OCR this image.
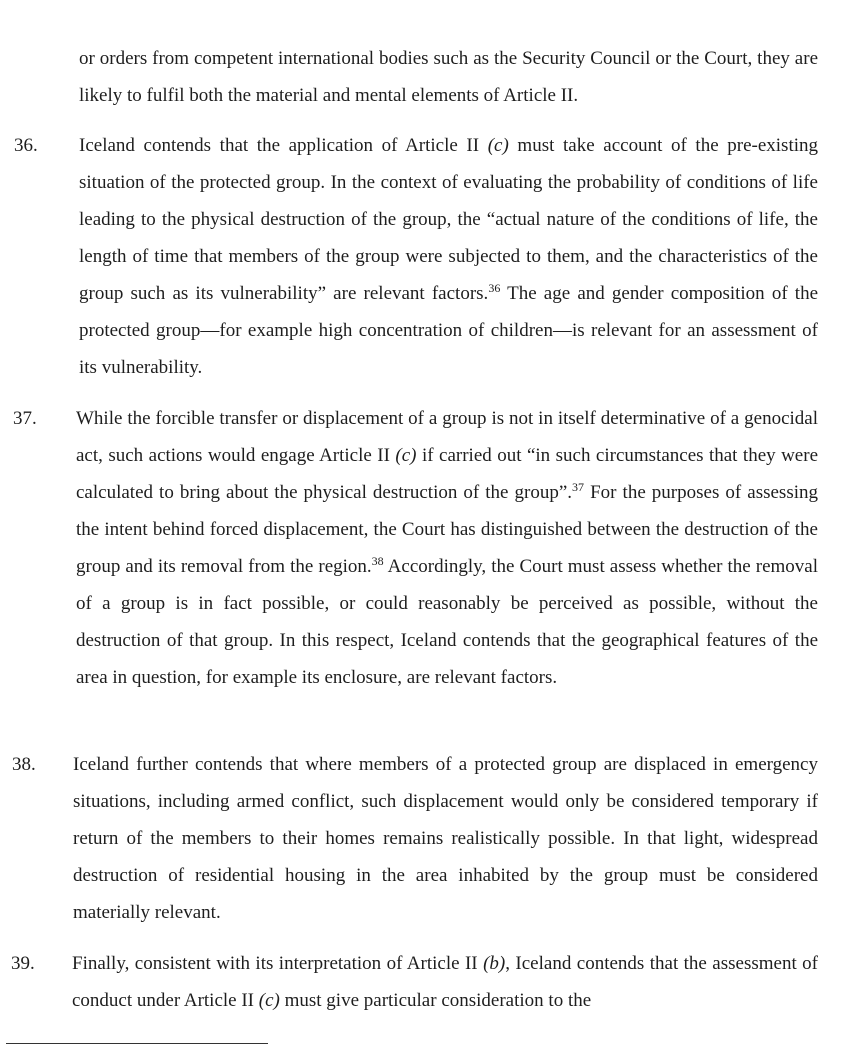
or orders from competent international bodies such as the Security Council or the Court, they are likely to fulfil both the material and mental elements of Article II.

36. Iceland contends that the application of Article II (c) must take account of the pre-existing situation of the protected group. In the context of evaluating the probability of conditions of life leading to the physical destruction of the group, the “actual nature of the conditions of life, the length of time that members of the group were subjected to them, and the characteristics of the group such as its vulnerability” are relevant factors.$^{36}$ The age and gender composition of the protected group—for example high concentration of children—is relevant for an assessment of its vulnerability.

37. While the forcible transfer or displacement of a group is not in itself determinative of a genocidal act, such actions would engage Article II (c) if carried out “in such circumstances that they were calculated to bring about the physical destruction of the group”.$^{37}$ For the purposes of assessing the intent behind forced displacement, the Court has distinguished between the destruction of the group and its removal from the region.$^{38}$ Accordingly, the Court must assess whether the removal of a group is in fact possible, or could reasonably be perceived as possible, without the destruction of that group. In this respect, Iceland contends that the geographical features of the area in question, for example its enclosure, are relevant factors.

38. Iceland further contends that where members of a protected group are displaced in emergency situations, including armed conflict, such displacement would only be considered temporary if return of the members to their homes remains realistically possible. In that light, widespread destruction of residential housing in the area inhabited by the group must be considered materially relevant.

39. Finally, consistent with its interpretation of Article II (b), Iceland contends that the assessment of conduct under Article II (c) must give particular consideration to the
